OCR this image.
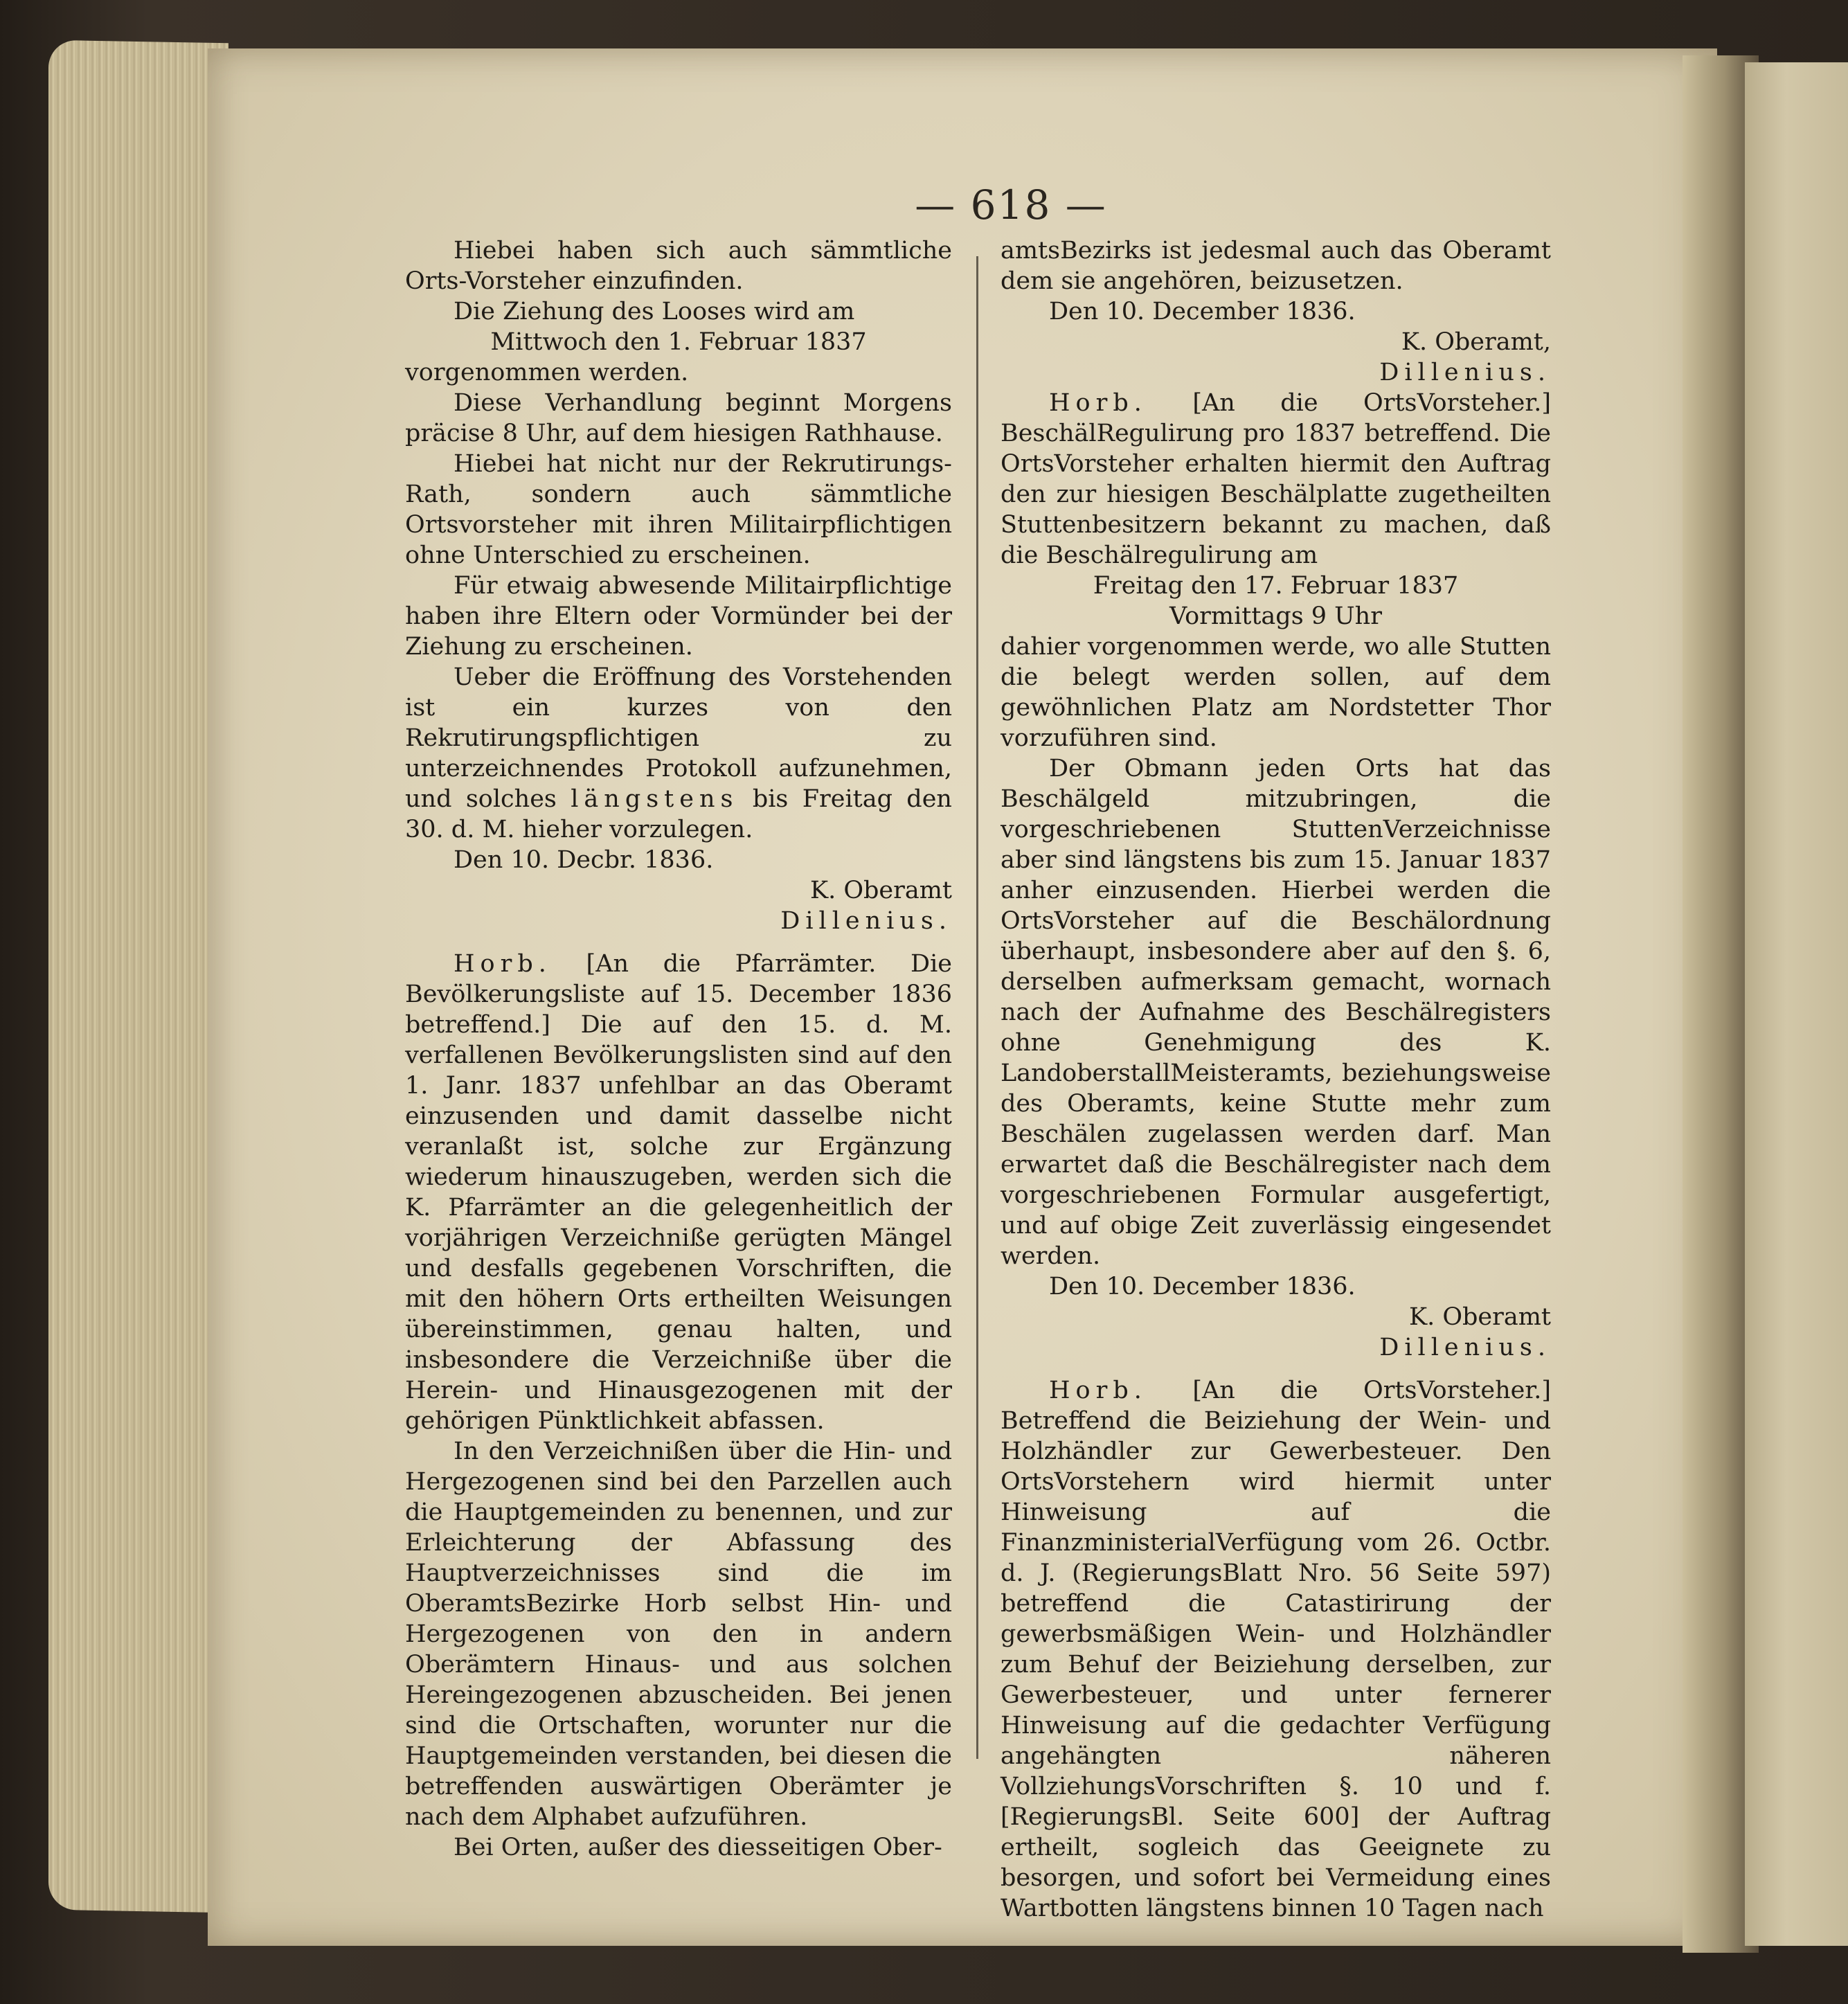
— 618 —

Hiebei haben sich auch sämmtliche Orts-Vorsteher einzufinden.

Die Ziehung des Looses wird am

Mittwoch den 1. Februar 1837

vorgenommen werden.

Diese Verhandlung beginnt Morgens präcise 8 Uhr, auf dem hiesigen Rathhause.

Hiebei hat nicht nur der Rekrutirungs-Rath, sondern auch sämmtliche Ortsvorsteher mit ihren Militairpflichtigen ohne Unterschied zu erscheinen.

Für etwaig abwesende Militairpflichtige haben ihre Eltern oder Vormünder bei der Ziehung zu erscheinen.

Ueber die Eröffnung des Vorstehenden ist ein kurzes von den Rekrutirungspflichtigen zu unterzeichnendes Protokoll aufzunehmen, und solches längstens bis Freitag den 30. d. M. hieher vorzulegen.

Den 10. Decbr. 1836.

K. Oberamt

Dillenius.

Horb. [An die Pfarrämter. Die Bevölkerungsliste auf 15. December 1836 betreffend.] Die auf den 15. d. M. verfallenen Bevölkerungslisten sind auf den 1. Janr. 1837 unfehlbar an das Oberamt einzusenden und damit dasselbe nicht veranlaßt ist, solche zur Ergänzung wiederum hinauszugeben, werden sich die K. Pfarrämter an die gelegenheitlich der vorjährigen Verzeichniße gerügten Mängel und desfalls gegebenen Vorschriften, die mit den höhern Orts ertheilten Weisungen übereinstimmen, genau halten, und insbesondere die Verzeichniße über die Herein- und Hinausgezogenen mit der gehörigen Pünktlichkeit abfassen.

In den Verzeichnißen über die Hin- und Hergezogenen sind bei den Parzellen auch die Hauptgemeinden zu benennen, und zur Erleichterung der Abfassung des Hauptverzeichnisses sind die im OberamtsBezirke Horb selbst Hin- und Hergezogenen von den in andern Oberämtern Hinaus- und aus solchen Hereingezogenen abzuscheiden. Bei jenen sind die Ortschaften, worunter nur die Hauptgemeinden verstanden, bei diesen die betreffenden auswärtigen Oberämter je nach dem Alphabet aufzuführen.

Bei Orten, außer des diesseitigen Ober-

amtsBezirks ist jedesmal auch das Oberamt dem sie angehören, beizusetzen.

Den 10. December 1836.

K. Oberamt,

Dillenius.

Horb. [An die OrtsVorsteher.] BeschälRegulirung pro 1837 betreffend. Die OrtsVorsteher erhalten hiermit den Auftrag den zur hiesigen Beschälplatte zugetheilten Stuttenbesitzern bekannt zu machen, daß die Beschälregulirung am

Freitag den 17. Februar 1837

Vormittags 9 Uhr

dahier vorgenommen werde, wo alle Stutten die belegt werden sollen, auf dem gewöhnlichen Platz am Nordstetter Thor vorzuführen sind.

Der Obmann jeden Orts hat das Beschälgeld mitzubringen, die vorgeschriebenen StuttenVerzeichnisse aber sind längstens bis zum 15. Januar 1837 anher einzusenden. Hierbei werden die OrtsVorsteher auf die Beschälordnung überhaupt, insbesondere aber auf den §. 6, derselben aufmerksam gemacht, wornach nach der Aufnahme des Beschälregisters ohne Genehmigung des K. LandoberstallMeisteramts, beziehungsweise des Oberamts, keine Stutte mehr zum Beschälen zugelassen werden darf. Man erwartet daß die Beschälregister nach dem vorgeschriebenen Formular ausgefertigt, und auf obige Zeit zuverlässig eingesendet werden.

Den 10. December 1836.

K. Oberamt

Dillenius.

Horb. [An die OrtsVorsteher.] Betreffend die Beiziehung der Wein- und Holzhändler zur Gewerbesteuer. Den OrtsVorstehern wird hiermit unter Hinweisung auf die FinanzministerialVerfügung vom 26. Octbr. d. J. (RegierungsBlatt Nro. 56 Seite 597) betreffend die Catastirirung der gewerbsmäßigen Wein- und Holzhändler zum Behuf der Beiziehung derselben, zur Gewerbesteuer, und unter fernerer Hinweisung auf die gedachter Verfügung angehängten näheren VollziehungsVorschriften §. 10 und f. [RegierungsBl. Seite 600] der Auftrag ertheilt, sogleich das Geeignete zu besorgen, und sofort bei Vermeidung eines Wartbotten längstens binnen 10 Tagen nach
